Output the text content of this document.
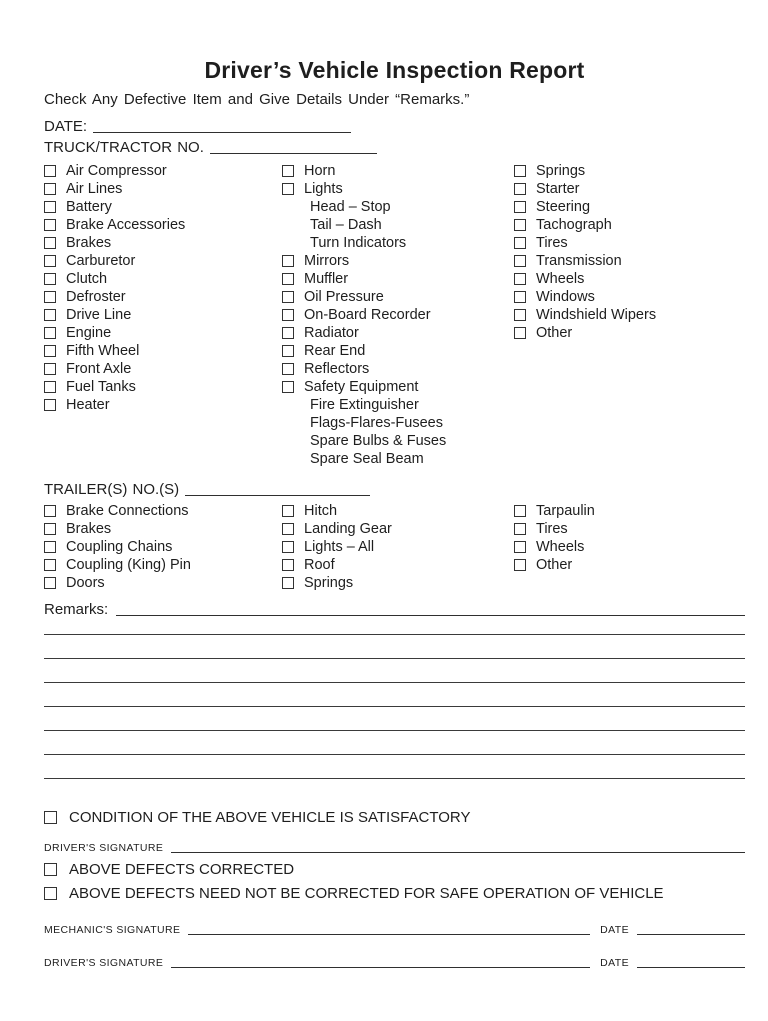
Driver’s Vehicle Inspection Report
Check Any Defective Item and Give Details Under “Remarks.”
DATE:
TRUCK/TRACTOR NO.
Air Compressor
Air Lines
Battery
Brake Accessories
Brakes
Carburetor
Clutch
Defroster
Drive Line
Engine
Fifth Wheel
Front Axle
Fuel Tanks
Heater
Horn
Lights
Head – Stop
Tail – Dash
Turn Indicators
Mirrors
Muffler
Oil Pressure
On-Board Recorder
Radiator
Rear End
Reflectors
Safety Equipment
Fire Extinguisher
Flags-Flares-Fusees
Spare Bulbs & Fuses
Spare Seal Beam
Springs
Starter
Steering
Tachograph
Tires
Transmission
Wheels
Windows
Windshield Wipers
Other
TRAILER(S) NO.(S)
Brake Connections
Brakes
Coupling Chains
Coupling (King) Pin
Doors
Hitch
Landing Gear
Lights – All
Roof
Springs
Tarpaulin
Tires
Wheels
Other
Remarks:
CONDITION OF THE ABOVE VEHICLE IS SATISFACTORY
DRIVER'S SIGNATURE
ABOVE DEFECTS CORRECTED
ABOVE DEFECTS NEED NOT BE CORRECTED FOR SAFE OPERATION OF VEHICLE
MECHANIC'S SIGNATURE	DATE
DRIVER'S SIGNATURE	DATE
